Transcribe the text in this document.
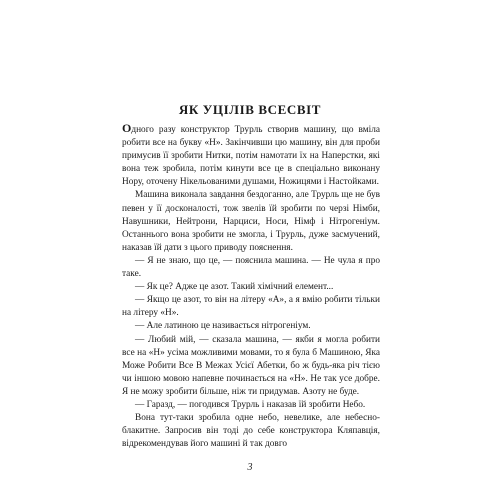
ЯК УЦІЛІВ ВСЕСВІТ

Одного разу конструктор Трурль створив машину, що вміла робити все на букву «Н». Закінчивши цю машину, він для проби примусив її зробити Нитки, потім намотати їх на Наперстки, які вона теж зробила, потім кинути все це в спеціально виконану Нору, оточену Нікельованими душами, Ножицями і Настойками.

Машина виконала завдання бездоганно, але Трурль ще не був певен у її досконалості, тож звелів їй зробити по черзі Німби, Навушники, Нейтрони, Нарциси, Носи, Німф і Нітрогеніум. Останнього вона зробити не змогла, і Трурль, дуже засмучений, наказав їй дати з цього приводу пояснення.

— Я не знаю, що це, — пояснила машина. — Не чула я про таке.

— Як це? Адже це азот. Такий хімічний елемент...

— Якщо це азот, то він на літеру «А», а я вмію робити тільки на літеру «Н».

— Але латиною це називається нітрогеніум.

— Любий мій, — сказала машина, — якби я могла робити все на «Н» усіма можливими мовами, то я була б Машиною, Яка Може Робити Все В Межах Усієї Абетки, бо ж будь-яка річ тією чи іншою мовою напевне починається на «Н». Не так усе добре. Я не можу зробити більше, ніж ти придумав. Азоту не буде.

— Гаразд, — погодився Трурль і наказав їй зробити Небо.

Вона тут-таки зробила одне небо, невелике, але небесно-блакитне. Запросив він тоді до себе конструктора Кляпавція, відрекомендував його машині й так довго

3
